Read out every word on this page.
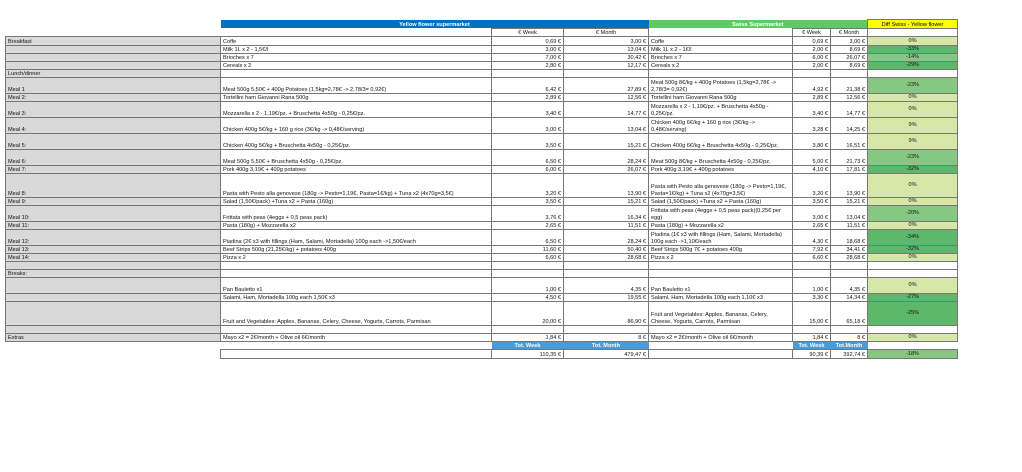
	Yellow flower supermarket			Swiss Supermarket			Diff Swiss - Yellow flower
		€ Week	€ Month		€ Week	€ Month	
Breakfast	Coffe	0,69 €	3,00 €	Coffe	0,69 €	3,00 €	0%
	Milk 1L x 2 - 1,5€/l	3,00 €	13,04 €	Milk 1L x 2 - 1€/l	2,00 €	8,69 €	-33%
	Brioches x 7	7,00 €	30,42 €	Brioches x 7	6,00 €	26,07 €	-14%
	Cereals x 2	2,80 €	12,17 €	Cereals x 2	2,00 €	8,69 €	-29%
Lunch/dinner							
Meal 1	Meat 500g 5,50€ + 400g Potatoes (1,5kg=2,78€ -> 2,78/3= 0,92€)	6,42 €	27,89 €	Meat 500g 8€/kg + 400g Potatoes (1,5kg=2,78€ -> 2,78/3= 0,92€)	4,92 €	21,38 €	-23%
Meal 2:	Tortellini ham Giovanni Rana 500g	2,89 €	12,56 €	Tortellini ham Giovanni Rana 500g	2,89 €	12,56 €	0%
Meal 3:	Mozzarella x 2 - 1,19€/pz. + Bruschetta 4x50g - 0,25€/pz.	3,40 €	14,77 €	Mozzarella x 2 - 1,19€/pz. + Bruschetta 4x50g - 0,25€/pz.	3,40 €	14,77 €	0%
Meal 4:	Chicken 400g 5€/kg + 160 g rice (3€/kg -> 0,48€/serving)	3,00 €	13,04 €	Chicken 400g 6€/kg + 160 g rice (3€/kg -> 0,48€/serving)	3,28 €	14,25 €	9%
Meal 5:	Chicken 400g 5€/kg + Bruschetta 4x50g - 0,25€/pz.	3,50 €	15,21 €	Chicken 400g 6€/kg + Bruschetta 4x50g - 0,25€/pz.	3,80 €	16,51 €	9%
Meal 6:	Meat 500g 5,50€ + Bruschetta 4x50g - 0,25€/pz.	6,50 €	28,24 €	Meat 500g 8€/kg + Bruschetta 4x50g - 0,25€/pz.	5,00 €	21,73 €	-23%
Meal 7:	Pork 400g 3,19€ + 400g potatoes	6,00 €	26,07 €	Pork 400g 3,19€ + 400g potatoes	4,10 €	17,81 €	-32%
Meal 8:	Pasta with Pesto alla genovese (180g -> Pesto=1,19€, Pasta=1€/kg) + Tuna x2 (4x70g=3,5€)	3,20 €	13,90 €	Pasta with Pesto alla genovese (180g -> Pesto=1,19€, Pasta=1€/kg) + Tuna x2 (4x70g=3,5€)	3,20 €	13,90 €	0%
Meal 9:	Salad (1,50€/pack) +Tuna x2 + Pasta (160g)	3,50 €	15,21 €	Salad (1,50€/pack) +Tuna x2 + Pasta (160g)	3,50 €	15,21 €	0%
Meal 10:	Frittata with peas (4eggs + 0,5 peas pack)	3,76 €	16,34 €	Frittata with peas (4eggs + 0,5 peas pack)(0,25€ per egg)	3,00 €	13,04 €	-20%
Meal 11:	Pasta (180g) + Mozzarella x2	2,65 €	11,51 €	Pasta (180g) + Mozzarella x2	2,65 €	11,51 €	0%
Meal 12:	Piadina (2€ x3 with fillings (Ham, Salami, Mortadella) 100g each ->1,50€/each	6,50 €	28,24 €	Piadina (1€ x3 with fillings (Ham, Salami, Mortadella) 100g each ->1,10€/each	4,30 €	18,68 €	-34%
Meal 13:	Beef Strips 500g (21,25€/kg) + potatoes 400g	11,60 €	50,40 €	Beef Strips 500g 7€ + potatoes 400g	7,92 €	34,41 €	-32%
Meal 14:	Pizza x 2	6,60 €	28,68 €	Pizza x 2	6,60 €	28,68 €	0%

Breaks:							
	Pan Bauletto x1	1,00 €	4,35 €	Pan Bauletto x1	1,00 €	4,35 €	0%
	Salami, Ham, Mortadella 100g each 1,50€ x3	4,50 €	19,55 €	Salami, Ham, Mortadella 100g each 1,10€ x3	3,30 €	14,34 €	-27%
	Fruit and Vegetables: Apples, Bananas, Celery, Cheese, Yogurts, Carrots, Parmisan	20,00 €	86,90 €	Fruit and Vegetables: Apples, Bananas, Celery, Cheese, Yogurts, Carrots, Parmisan	15,00 €	65,18 €	-25%

Extras	Mayo x2 = 2€/month + Olive oil 6€/month	1,84 €	8 €	Mayo x2 = 2€/month + Olive oil 6€/month	1,84 €	8 €	0%
		Tot. Week	Tot. Month		Tot. Week	Tot.Month	
		110,35 €	479,47 €		90,39 €	392,74 €	-18%
